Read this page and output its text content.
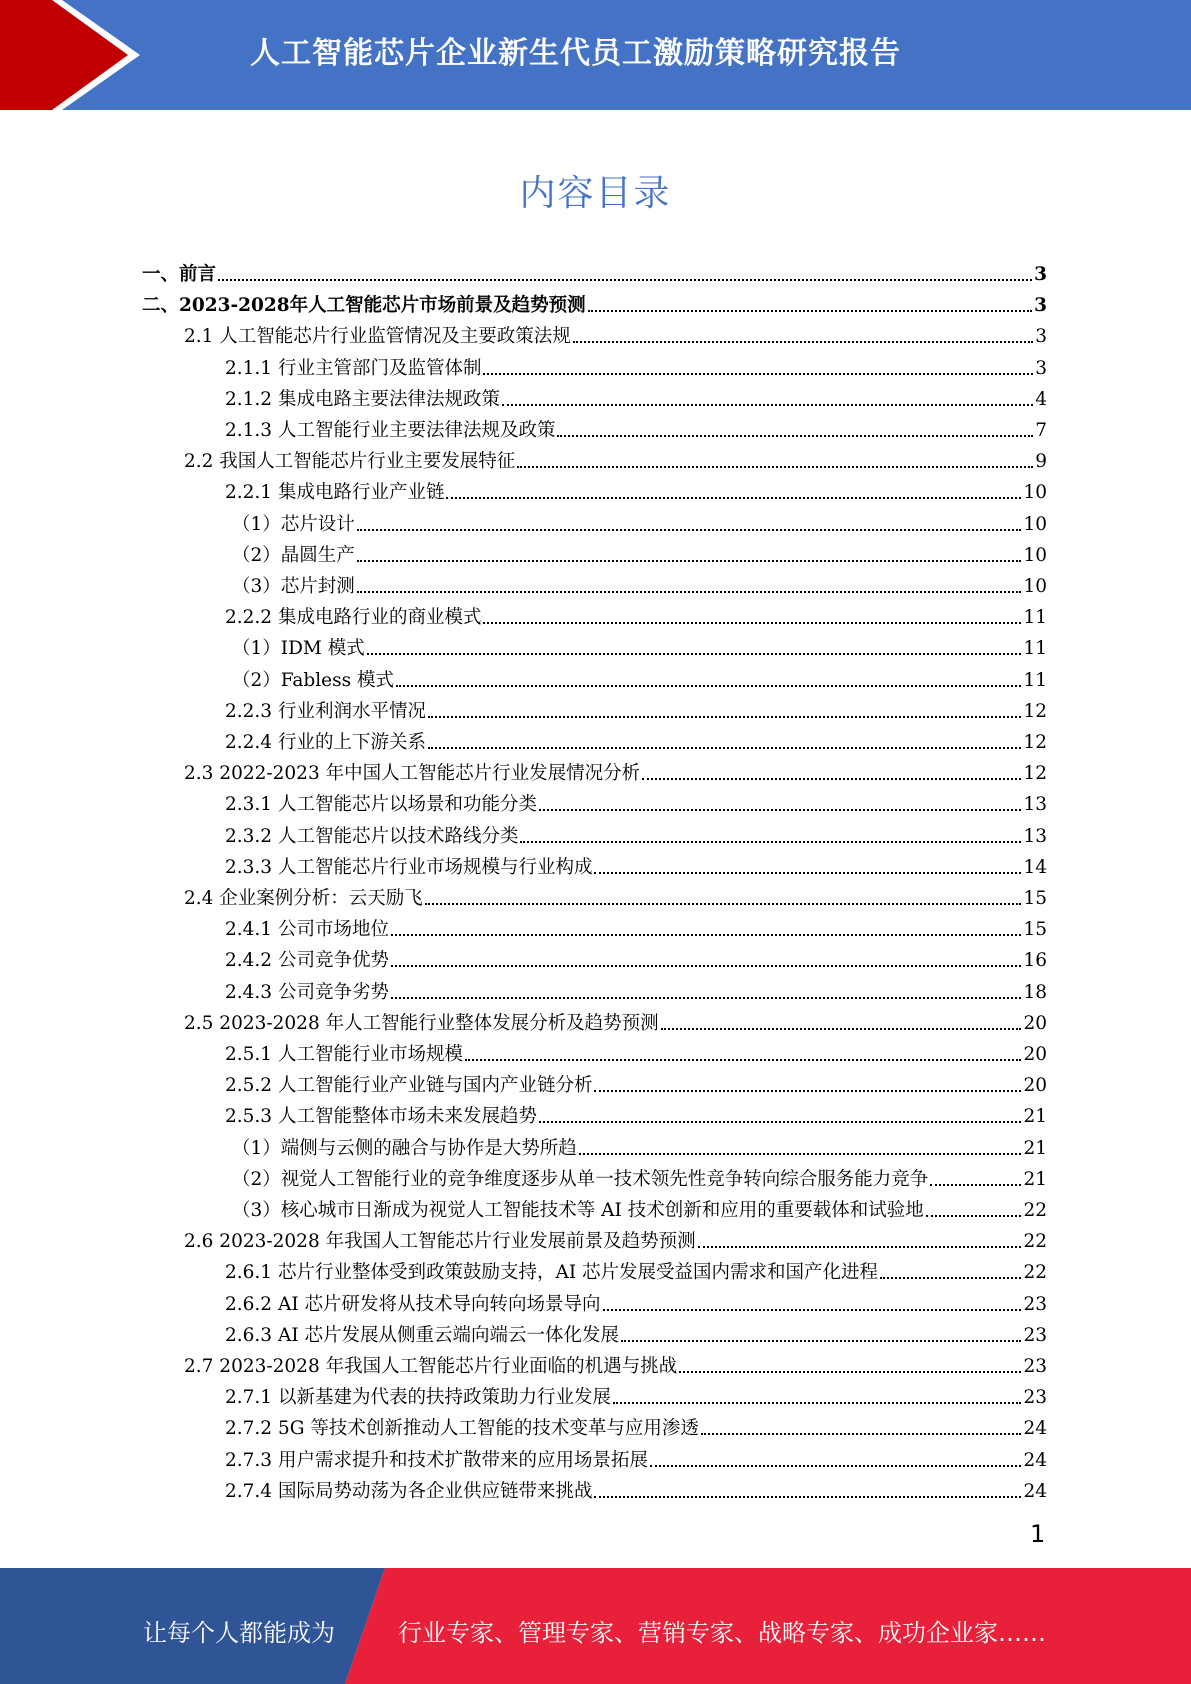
人工智能芯片企业新生代员工激励策略研究报告
内容目录
一、前言	3
二、2023-2028年人工智能芯片市场前景及趋势预测	3
2.1 人工智能芯片行业监管情况及主要政策法规	3
2.1.1 行业主管部门及监管体制	3
2.1.2 集成电路主要法律法规政策	4
2.1.3 人工智能行业主要法律法规及政策	7
2.2 我国人工智能芯片行业主要发展特征	9
2.2.1 集成电路行业产业链	10
（1）芯片设计	10
（2）晶圆生产	10
（3）芯片封测	10
2.2.2 集成电路行业的商业模式	11
（1）IDM 模式	11
（2）Fabless 模式	11
2.2.3 行业利润水平情况	12
2.2.4 行业的上下游关系	12
2.3 2022-2023 年中国人工智能芯片行业发展情况分析	12
2.3.1 人工智能芯片以场景和功能分类	13
2.3.2 人工智能芯片以技术路线分类	13
2.3.3 人工智能芯片行业市场规模与行业构成	14
2.4 企业案例分析：云天励飞	15
2.4.1 公司市场地位	15
2.4.2 公司竞争优势	16
2.4.3 公司竞争劣势	18
2.5 2023-2028 年人工智能行业整体发展分析及趋势预测	20
2.5.1 人工智能行业市场规模	20
2.5.2 人工智能行业产业链与国内产业链分析	20
2.5.3 人工智能整体市场未来发展趋势	21
（1）端侧与云侧的融合与协作是大势所趋	21
（2）视觉人工智能行业的竞争维度逐步从单一技术领先性竞争转向综合服务能力竞争	21
（3）核心城市日渐成为视觉人工智能技术等 AI 技术创新和应用的重要载体和试验地	22
2.6 2023-2028 年我国人工智能芯片行业发展前景及趋势预测	22
2.6.1 芯片行业整体受到政策鼓励支持，AI 芯片发展受益国内需求和国产化进程	22
2.6.2 AI 芯片研发将从技术导向转向场景导向	23
2.6.3 AI 芯片发展从侧重云端向端云一体化发展	23
2.7 2023-2028 年我国人工智能芯片行业面临的机遇与挑战	23
2.7.1 以新基建为代表的扶持政策助力行业发展	23
2.7.2 5G 等技术创新推动人工智能的技术变革与应用渗透	24
2.7.3 用户需求提升和技术扩散带来的应用场景拓展	24
2.7.4 国际局势动荡为各企业供应链带来挑战	24
1
让每个人都能成为	行业专家、管理专家、营销专家、战略专家、成功企业家……
